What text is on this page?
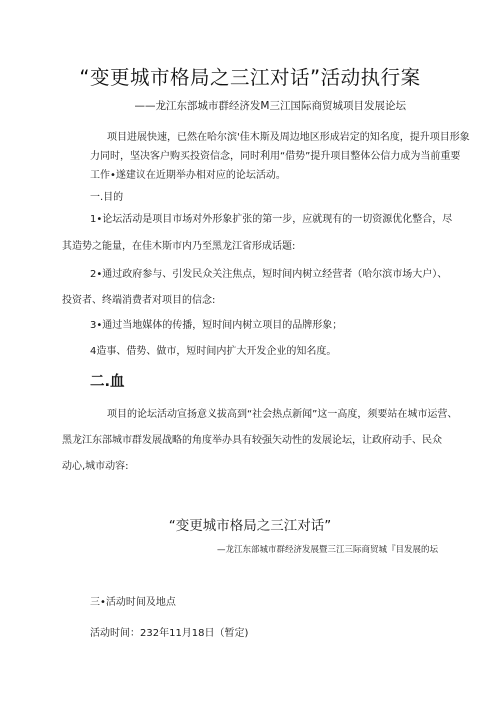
“变更城市格局之三江对话”活动执行案
——龙江东部城市群经济发M三江国际商贸城项目发展论坛
项目进展快速，已然在哈尔滨'佳木斯及周边地区形成岩定的知名度，提升项目形象
力同时，坚决客户购买投资信念，同时利用“借势”提升项目整体公信力成为当前重要
工作•遂建议在近期举办相对应的论坛活动。
一.目的
1•论坛活动是项目市场对外形象扩张的第一步，应就现有的一切资源优化整合，尽
其造势之能量，在佳木斯市内乃至黑龙江省形成话题:
2•通过政府参与、引发民众关注焦点，短时间内树立经营者（哈尔滨市场大户）、
投资者、终端消费者对项目的信念:
3•通过当地媒体的传播，短时间内树立项目的品牌形象；
4造事、借势、做市，短时间内扩大开发企业的知名度。
二.血
项目的论坛活动宣扬意义拔高到“社会热点新闻”这一高度，须要站在城市运营、
黑龙江东部城市群发展战略的角度举办具有较强矢动性的发展论坛，让政府动手、民众
动心,城市动容:
“变更城市格局之三江对话”
—龙江东部城市群经济发展暨三江三际商贸城『目发展的坛
三•活动时间及地点
活动时间：232年11月18日（暂定)
